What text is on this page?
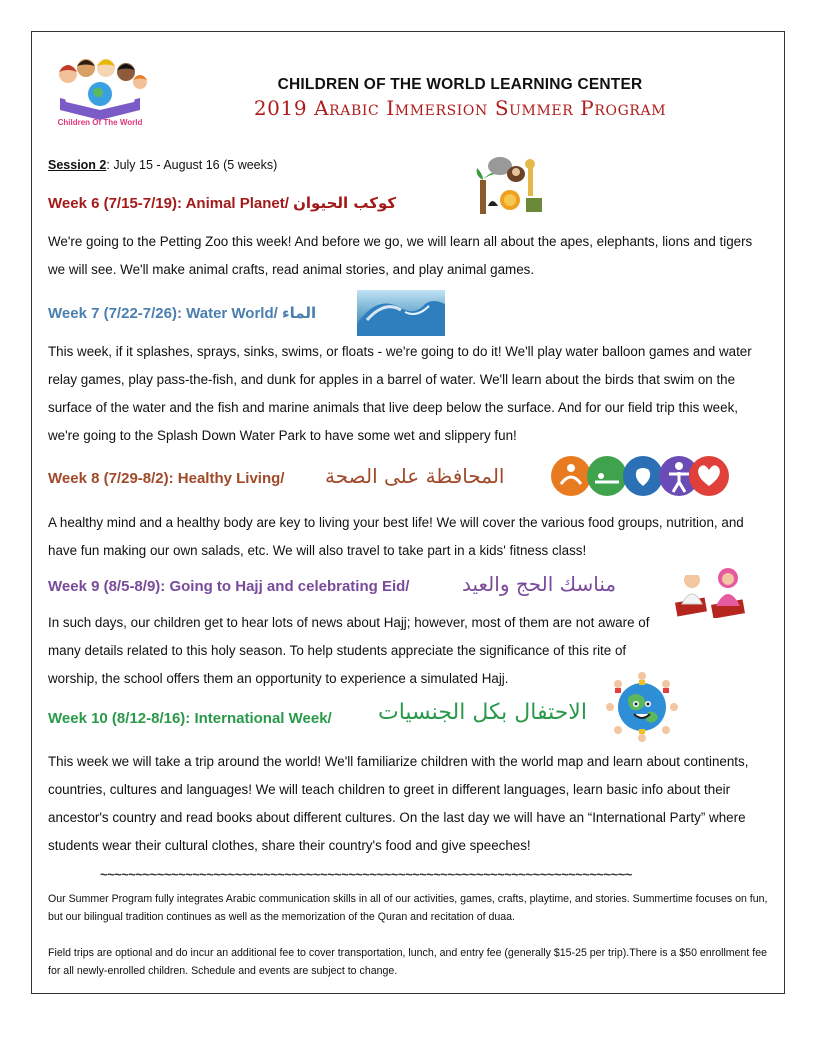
Children Of The World
CHILDREN OF THE WORLD LEARNING CENTER
2019 Arabic Immersion Summer Program
Session 2: July 15 - August 16 (5 weeks)
Week 6 (7/15-7/19): Animal Planet/ كوكب الحيوان
We're going to the Petting Zoo this week! And before we go, we will learn all about the apes, elephants, lions and tigers we will see. We'll make animal crafts, read animal stories, and play animal games.
Week 7 (7/22-7/26): Water World/ الماء
This week, if it splashes, sprays, sinks, swims, or floats - we're going to do it! We'll play water balloon games and water relay games, play pass-the-fish, and dunk for apples in a barrel of water. We'll learn about the birds that swim on the surface of the water and the fish and marine animals that live deep below the surface. And for our field trip this week, we're going to the Splash Down Water Park to have some wet and slippery fun!
Week 8 (7/29-8/2): Healthy Living/ المحافظة على الصحة
A healthy mind and a healthy body are key to living your best life! We will cover the various food groups, nutrition, and have fun making our own salads, etc. We will also travel to take part in a kids' fitness class!
Week 9 (8/5-8/9): Going to Hajj and celebrating Eid/	مناسك الحج والعيد
In such days, our children get to hear lots of news about Hajj; however, most of them are not aware of many details related to this holy season. To help students appreciate the significance of this rite of worship, the school offers them an opportunity to experience a simulated Hajj.
Week 10 (8/12-8/16): International Week/ الاحتفال بكل الجنسيات
This week we will take a trip around the world! We'll familiarize children with the world map and learn about continents, countries, cultures and languages! We will teach children to greet in different languages, learn basic info about their ancestor's country and read books about different cultures. On the last day we will have an “International Party” where students wear their cultural clothes, share their country's food and give speeches!
~~~~~~~~~~~~~~~~~~~~~~~~~~~~~~~~~~~~~~~~~~~~~~~~~~~~~~~~~~~~~~~~~~~~~~~~~~~
Our Summer Program fully integrates Arabic communication skills in all of our activities, games, crafts, playtime, and stories. Summertime focuses on fun, but our bilingual tradition continues as well as the memorization of the Quran and recitation of duaa.
Field trips are optional and do incur an additional fee to cover transportation, lunch, and entry fee (generally $15-25 per trip).There is a $50 enrollment fee for all newly-enrolled children. Schedule and events are subject to change.
